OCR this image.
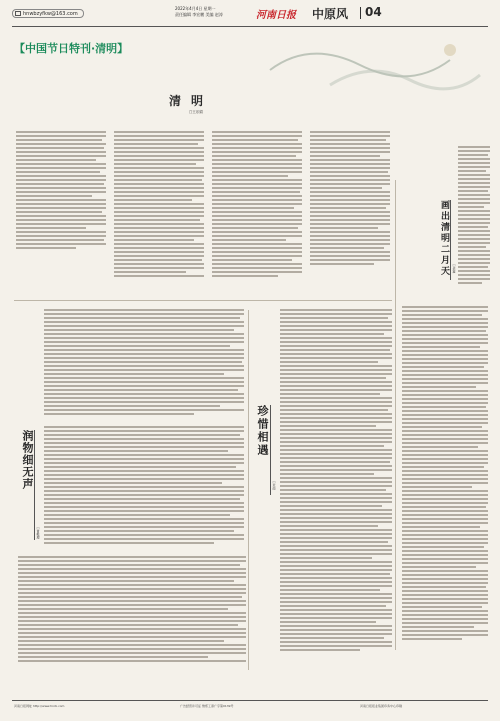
hnwbzyfkw@163.com
2022年4月4日 星期一
责任编辑 李宏鹏 美编 赵涛	河南日报 中原风 04
【中国节日特刊·清明】
清明
□王乐娟
画出清明二月天	□余灌
润物细无声
□黄维理
珍惜相遇
□苏雨
河南日报网址 http://www.hnrb.com	广告经营许可证 豫郑工商广字第0139号	河南日报报业集团印务中心印刷
